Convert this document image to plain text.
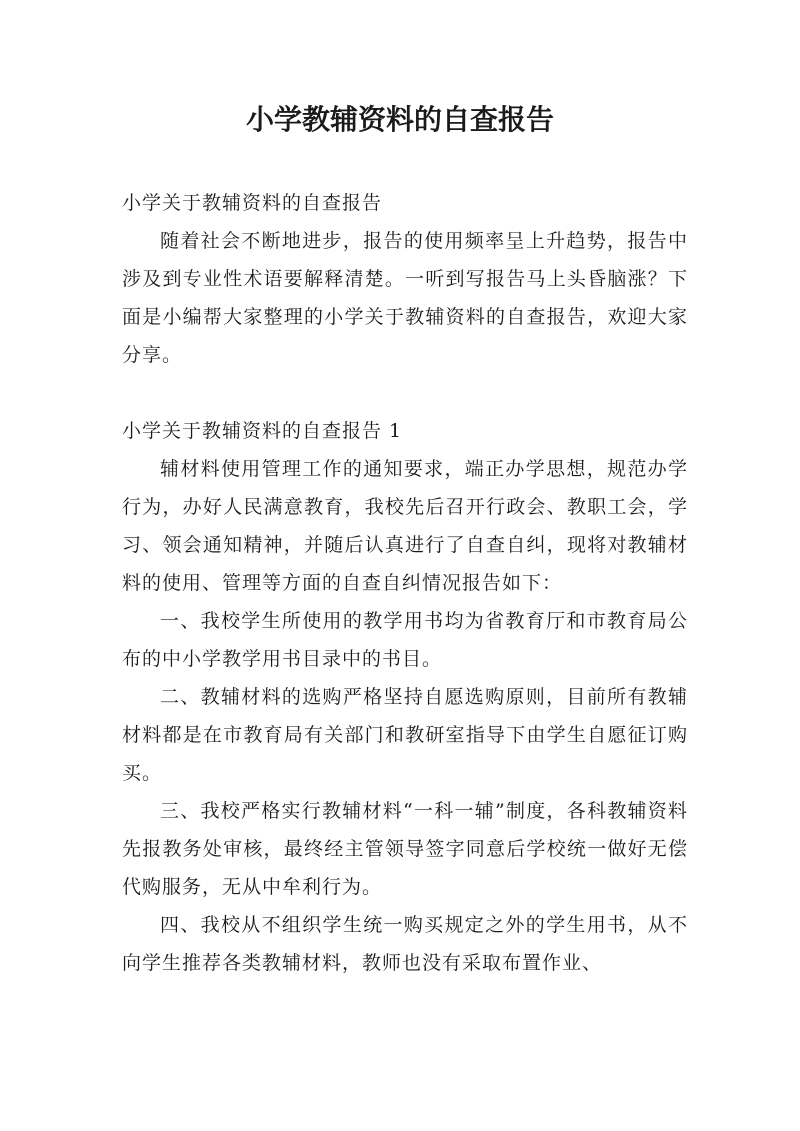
小学教辅资料的自查报告

小学关于教辅资料的自查报告

随着社会不断地进步，报告的使用频率呈上升趋势，报告中涉及到专业性术语要解释清楚。一听到写报告马上头昏脑涨？下面是小编帮大家整理的小学关于教辅资料的自查报告，欢迎大家分享。

小学关于教辅资料的自查报告 1

辅材料使用管理工作的通知要求，端正办学思想，规范办学行为，办好人民满意教育，我校先后召开行政会、教职工会，学习、领会通知精神，并随后认真进行了自查自纠，现将对教辅材料的使用、管理等方面的自查自纠情况报告如下：

一、我校学生所使用的教学用书均为省教育厅和市教育局公布的中小学教学用书目录中的书目。

二、教辅材料的选购严格坚持自愿选购原则，目前所有教辅材料都是在市教育局有关部门和教研室指导下由学生自愿征订购买。

三、我校严格实行教辅材料“一科一辅”制度，各科教辅资料先报教务处审核，最终经主管领导签字同意后学校统一做好无偿代购服务，无从中牟利行为。

四、我校从不组织学生统一购买规定之外的学生用书，从不向学生推荐各类教辅材料，教师也没有采取布置作业、
